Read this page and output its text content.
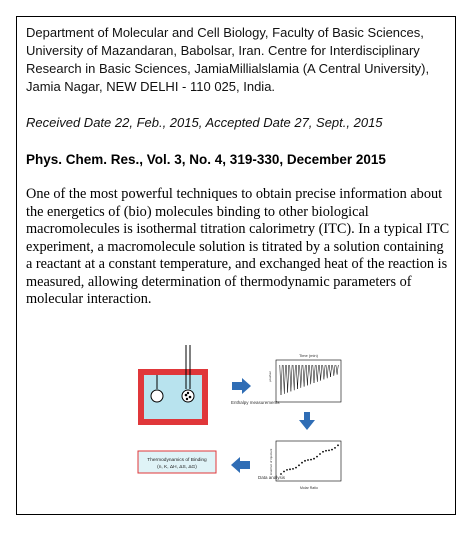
Department of Molecular and Cell Biology, Faculty of Basic Sciences, University of Mazandaran, Babolsar, Iran. Centre for Interdisciplinary Research in Basic Sciences, JamiaMillialslamia (A Central University), Jamia Nagar, NEW DELHI - 110 025, India.
Received Date 22, Feb., 2015, Accepted Date 27, Sept., 2015
Phys. Chem. Res., Vol. 3, No. 4, 319-330, December 2015
One of the most powerful techniques to obtain precise information about the energetics of (bio) molecules binding to other biological macromolecules is isothermal titration calorimetry (ITC). In a typical ITC experiment, a macromolecule solution is titrated by a solution containing a reactant at a constant temperature, and exchanged heat of the reaction is measured, allowing determination of thermodynamic parameters of molecular interaction.
Enthalpy measurements
Time (min)
μcal/sec
kcal/mol of injectant
Molar Ratio
Data analysis
Thermodynamics of Binding
(n, K, ΔH, ΔS, ΔG)
